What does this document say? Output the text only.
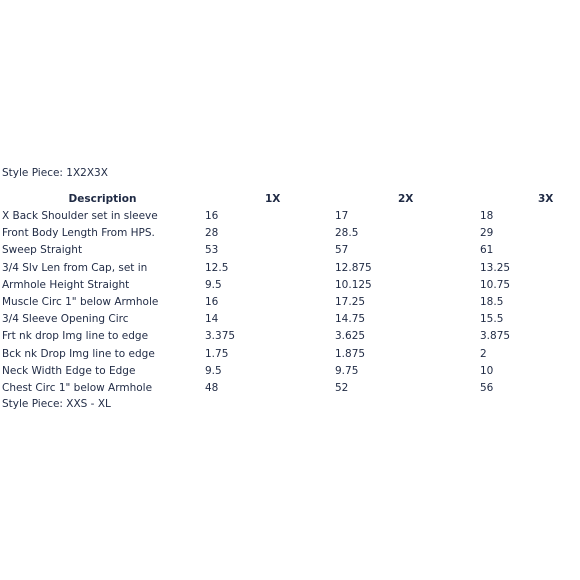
Style Piece: 1X2X3X
Description	1X	2X	3X
X Back Shoulder set in sleeve	16	17	18
Front Body Length From HPS.	28	28.5	29
Sweep Straight	53	57	61
3/4 Slv Len from Cap, set in	12.5	12.875	13.25
Armhole Height Straight	9.5	10.125	10.75
Muscle Circ 1" below Armhole	16	17.25	18.5
3/4 Sleeve Opening Circ	14	14.75	15.5
Frt nk drop Img line to edge	3.375	3.625	3.875
Bck nk Drop Img line to edge	1.75	1.875	2
Neck Width Edge to Edge	9.5	9.75	10
Chest Circ 1" below Armhole	48	52	56
Style Piece: XXS - XL
